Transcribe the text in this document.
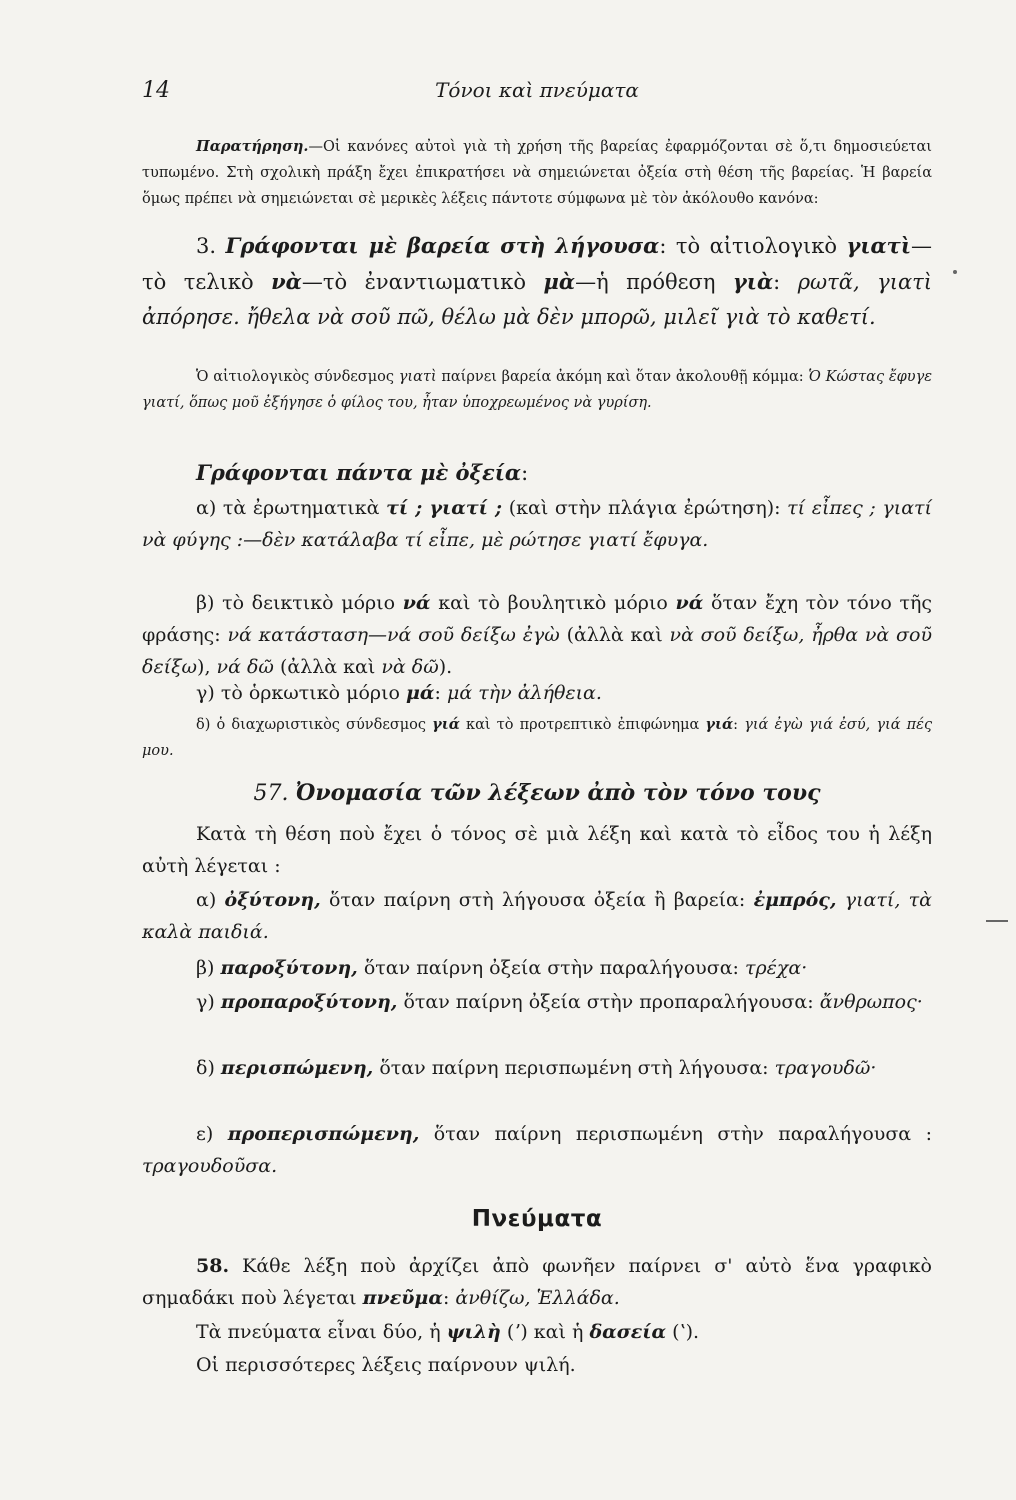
14	Τόνοι καὶ πνεύματα
Παρατήρηση.—Οἱ κανόνες αὐτοὶ γιὰ τὴ χρήση τῆς βαρείας ἐφαρμόζονται σὲ ὅ,τι δημοσιεύεται τυπωμένο. Στὴ σχολικὴ πράξη ἔχει ἐπικρατήσει νὰ σημειώνεται ὀξεία στὴ θέση τῆς βαρείας. Ἡ βαρεία ὅμως πρέπει νὰ σημειώνεται σὲ μερικὲς λέξεις πάντοτε σύμφωνα μὲ τὸν ἀκόλουθο κανόνα:
3. Γράφονται μὲ βαρεία στὴ λήγουσα: τὸ αἰτιολογικὸ γιατὶ—τὸ τελικὸ νὰ—τὸ ἐναντιωματικὸ μὰ—ἡ πρόθεση γιὰ: ρωτᾶ, γιατὶ ἀπόρησε. ἤθελα νὰ σοῦ πῶ, θέλω μὰ δὲν μπορῶ, μιλεῖ γιὰ τὸ καθετί.
Ὁ αἰτιολογικὸς σύνδεσμος γιατὶ παίρνει βαρεία ἀκόμη καὶ ὅταν ἀκολουθῇ κόμμα: Ὁ Κώστας ἔφυγε γιατί, ὅπως μοῦ ἐξήγησε ὁ φίλος του, ἦταν ὑποχρεωμένος νὰ γυρίση.
Γράφονται πάντα μὲ ὀξεία:
α) τὰ ἐρωτηματικὰ τί ; γιατί ; (καὶ στὴν πλάγια ἐρώτηση): τί εἶπες ; γιατί νὰ φύγης :—δὲν κατάλαβα τί εἶπε, μὲ ρώτησε γιατί ἔφυγα.
β) τὸ δεικτικὸ μόριο νά καὶ τὸ βουλητικὸ μόριο νά ὅταν ἔχη τὸν τόνο τῆς φράσης: νά κατάσταση—νά σοῦ δείξω ἐγὼ (ἀλλὰ καὶ νὰ σοῦ δείξω, ἦρθα νὰ σοῦ δείξω), νά δῶ (ἀλλὰ καὶ νὰ δῶ).
γ) τὸ ὁρκωτικὸ μόριο μά: μά τὴν ἀλήθεια.
δ) ὁ διαχωριστικὸς σύνδεσμος γιά καὶ τὸ προτρεπτικὸ ἐπιφώνημα γιά: γιά ἐγὼ γιά ἐσύ, γιά πές μου.
57. Ὀνομασία τῶν λέξεων ἀπὸ τὸν τόνο τους
Κατὰ τὴ θέση ποὺ ἔχει ὁ τόνος σὲ μιὰ λέξη καὶ κατὰ τὸ εἶδος του ἡ λέξη αὐτὴ λέγεται :
α) ὀξύτονη, ὅταν παίρνη στὴ λήγουσα ὀξεία ἢ βαρεία: ἐμπρός, γιατί, τὰ καλὰ παιδιά.
β) παροξύτονη, ὅταν παίρνη ὀξεία στὴν παραλήγουσα: τρέχα·
γ) προπαροξύτονη, ὅταν παίρνη ὀξεία στὴν προπαραλήγουσα: ἄνθρωπος·
δ) περισπώμενη, ὅταν παίρνη περισπωμένη στὴ λήγουσα: τραγουδῶ·
ε) προπερισπώμενη, ὅταν παίρνη περισπωμένη στὴν παραλήγουσα : τραγουδοῦσα.
Πνεύματα
58. Κάθε λέξη ποὺ ἀρχίζει ἀπὸ φωνῆεν παίρνει σ' αὐτὸ ἕνα γραφικὸ σημαδάκι ποὺ λέγεται πνεῦμα: ἀνθίζω, Ἑλλάδα.
Τὰ πνεύματα εἶναι δύο, ἡ ψιλὴ (ʼ) καὶ ἡ δασεία (ʽ).
Οἱ περισσότερες λέξεις παίρνουν ψιλή.
